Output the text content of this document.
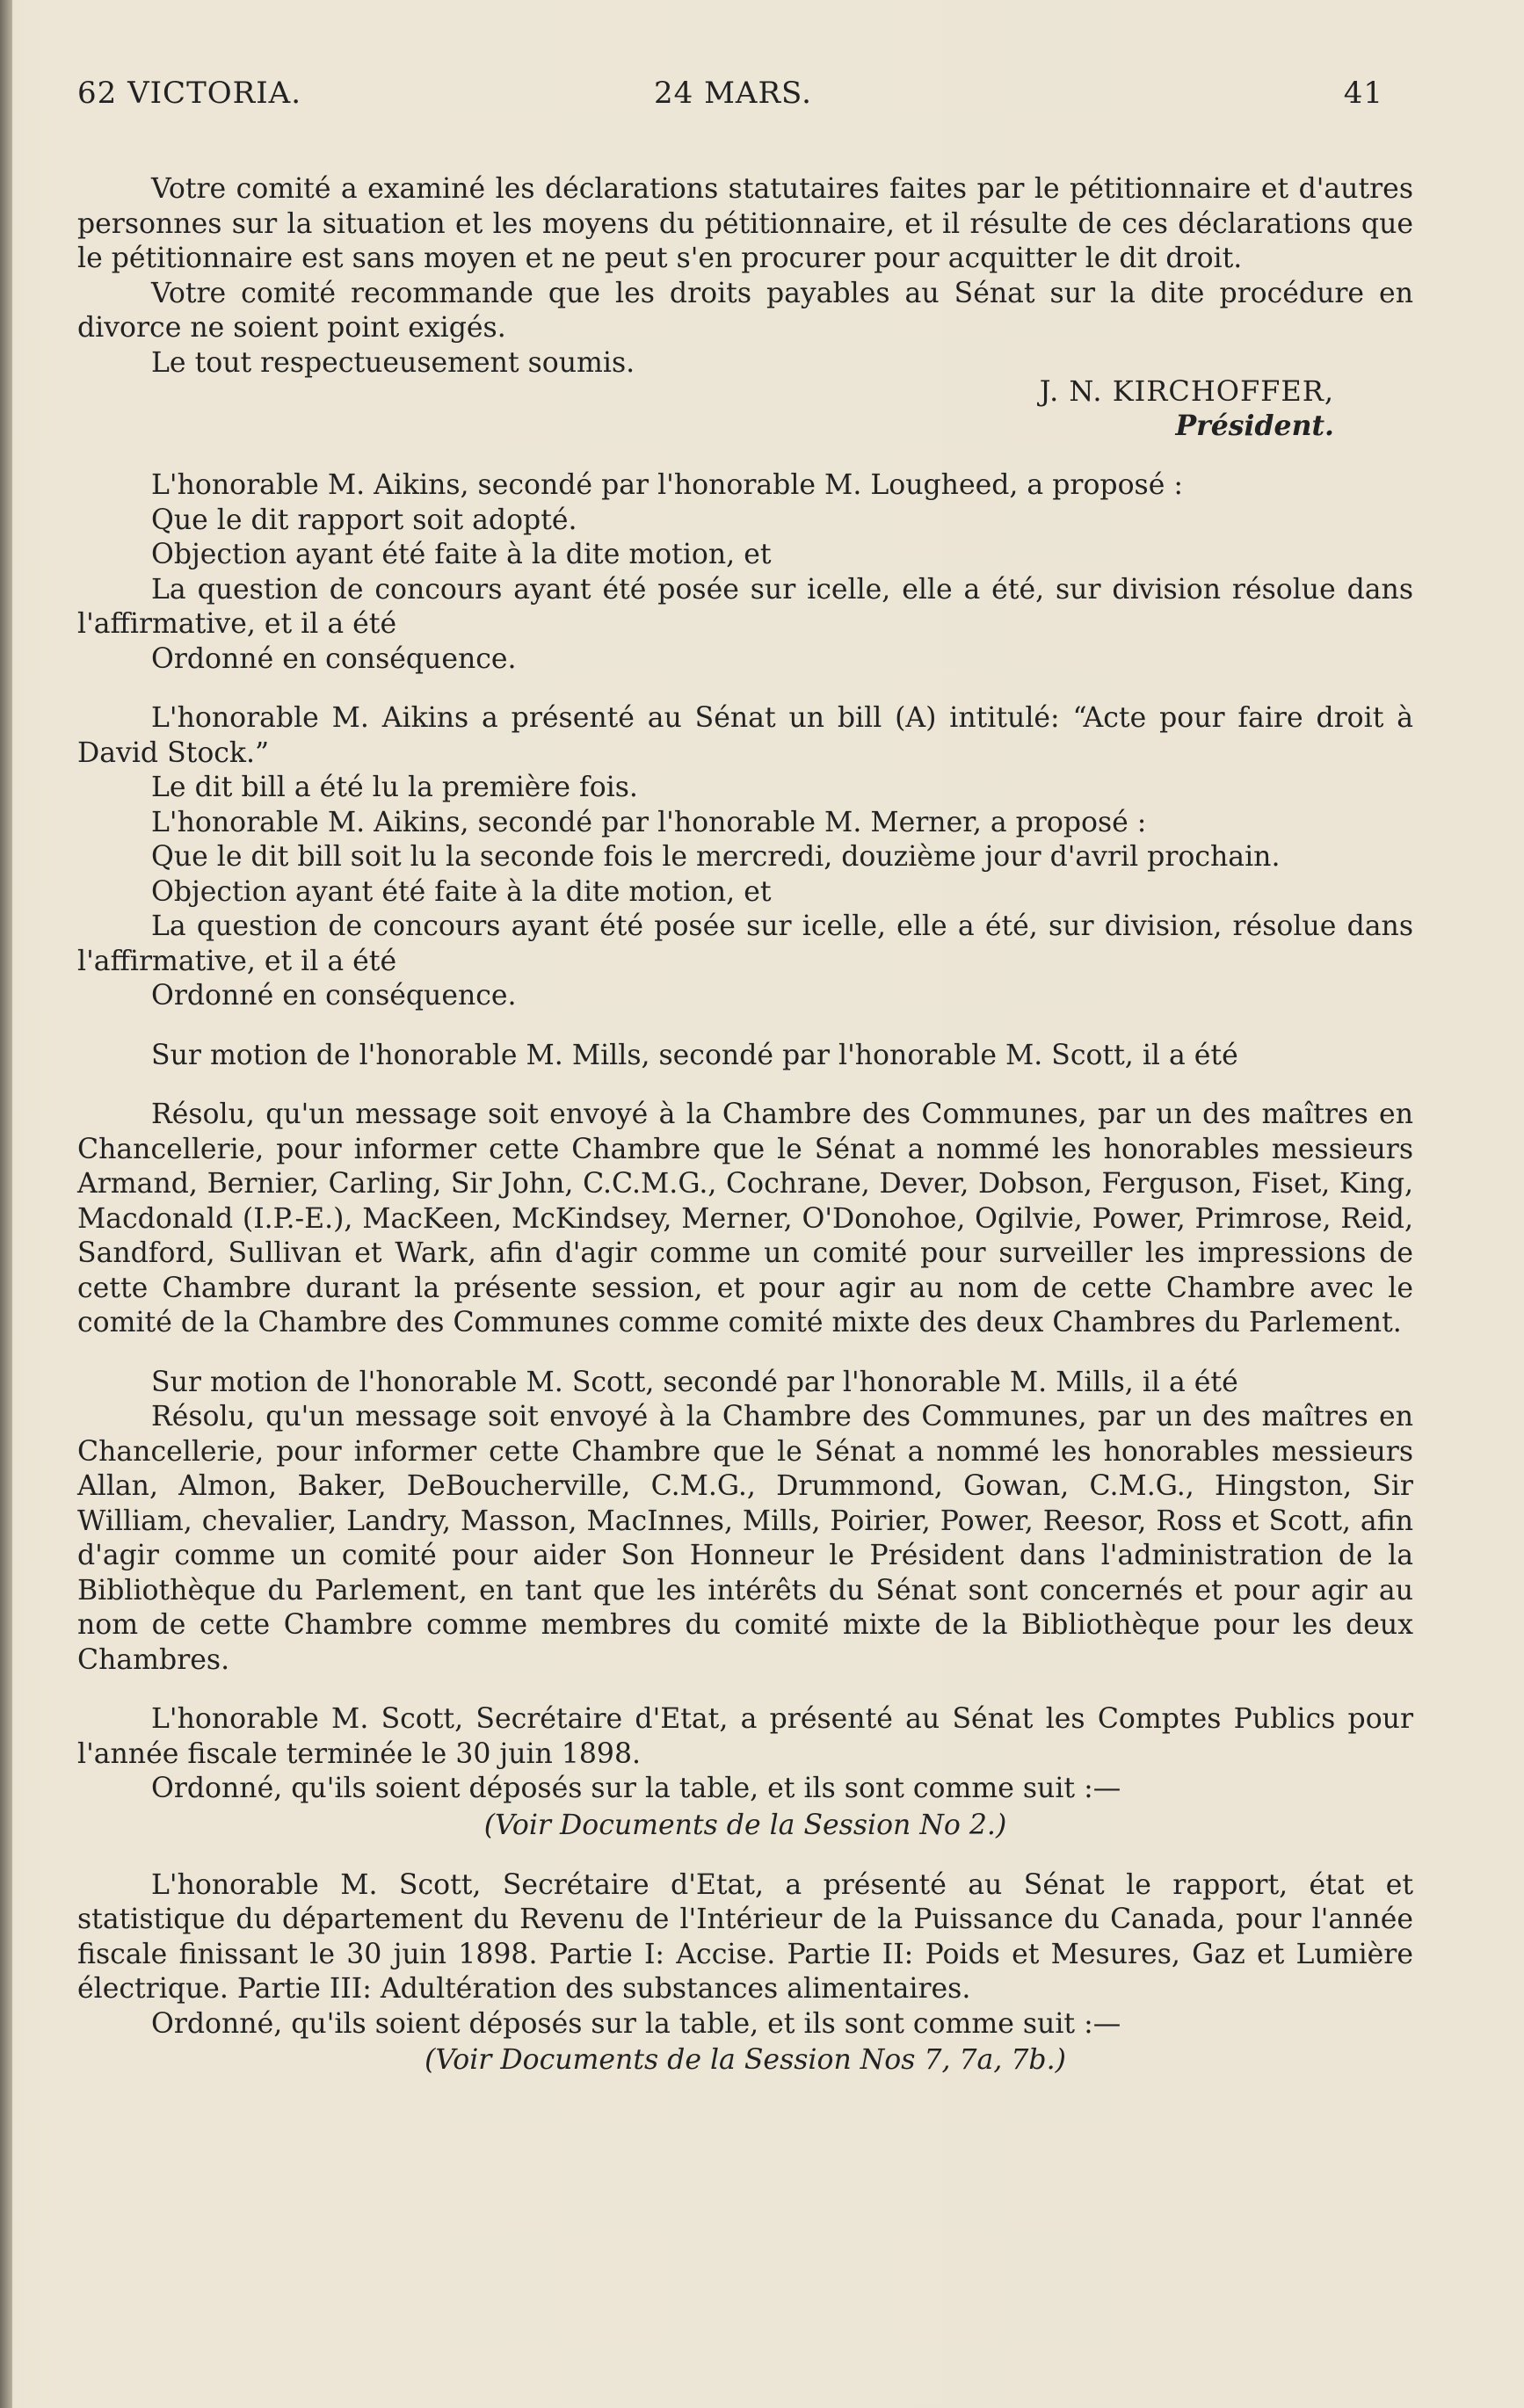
62 VICTORIA.	24 MARS.	41

Votre comité a examiné les déclarations statutaires faites par le pétitionnaire et d'autres personnes sur la situation et les moyens du pétitionnaire, et il résulte de ces déclarations que le pétitionnaire est sans moyen et ne peut s'en procurer pour acquitter le dit droit.

Votre comité recommande que les droits payables au Sénat sur la dite procédure en divorce ne soient point exigés.

Le tout respectueusement soumis.

J. N. KIRCHOFFER,

Président.

L'honorable M. Aikins, secondé par l'honorable M. Lougheed, a proposé :

Que le dit rapport soit adopté.

Objection ayant été faite à la dite motion, et

La question de concours ayant été posée sur icelle, elle a été, sur division résolue dans l'affirmative, et il a été

Ordonné en conséquence.

L'honorable M. Aikins a présenté au Sénat un bill (A) intitulé: “Acte pour faire droit à David Stock.”

Le dit bill a été lu la première fois.

L'honorable M. Aikins, secondé par l'honorable M. Merner, a proposé :

Que le dit bill soit lu la seconde fois le mercredi, douzième jour d'avril prochain.

Objection ayant été faite à la dite motion, et

La question de concours ayant été posée sur icelle, elle a été, sur division, résolue dans l'affirmative, et il a été

Ordonné en conséquence.

Sur motion de l'honorable M. Mills, secondé par l'honorable M. Scott, il a été

Résolu, qu'un message soit envoyé à la Chambre des Communes, par un des maîtres en Chancellerie, pour informer cette Chambre que le Sénat a nommé les honorables messieurs Armand, Bernier, Carling, Sir John, C.C.M.G., Cochrane, Dever, Dobson, Ferguson, Fiset, King, Macdonald (I.P.-E.), MacKeen, McKindsey, Merner, O'Donohoe, Ogilvie, Power, Primrose, Reid, Sandford, Sullivan et Wark, afin d'agir comme un comité pour surveiller les impressions de cette Chambre durant la présente session, et pour agir au nom de cette Chambre avec le comité de la Chambre des Communes comme comité mixte des deux Chambres du Parlement.

Sur motion de l'honorable M. Scott, secondé par l'honorable M. Mills, il a été

Résolu, qu'un message soit envoyé à la Chambre des Communes, par un des maîtres en Chancellerie, pour informer cette Chambre que le Sénat a nommé les honorables messieurs Allan, Almon, Baker, DeBoucherville, C.M.G., Drummond, Gowan, C.M.G., Hingston, Sir William, chevalier, Landry, Masson, MacInnes, Mills, Poirier, Power, Reesor, Ross et Scott, afin d'agir comme un comité pour aider Son Honneur le Président dans l'administration de la Bibliothèque du Parlement, en tant que les intérêts du Sénat sont concernés et pour agir au nom de cette Chambre comme membres du comité mixte de la Bibliothèque pour les deux Chambres.

L'honorable M. Scott, Secrétaire d'Etat, a présenté au Sénat les Comptes Publics pour l'année fiscale terminée le 30 juin 1898.

Ordonné, qu'ils soient déposés sur la table, et ils sont comme suit :—

(Voir Documents de la Session No 2.)

L'honorable M. Scott, Secrétaire d'Etat, a présenté au Sénat le rapport, état et statistique du département du Revenu de l'Intérieur de la Puissance du Canada, pour l'année fiscale finissant le 30 juin 1898. Partie I: Accise. Partie II: Poids et Mesures, Gaz et Lumière électrique. Partie III: Adultération des substances alimentaires.

Ordonné, qu'ils soient déposés sur la table, et ils sont comme suit :—

(Voir Documents de la Session Nos 7, 7a, 7b.)
